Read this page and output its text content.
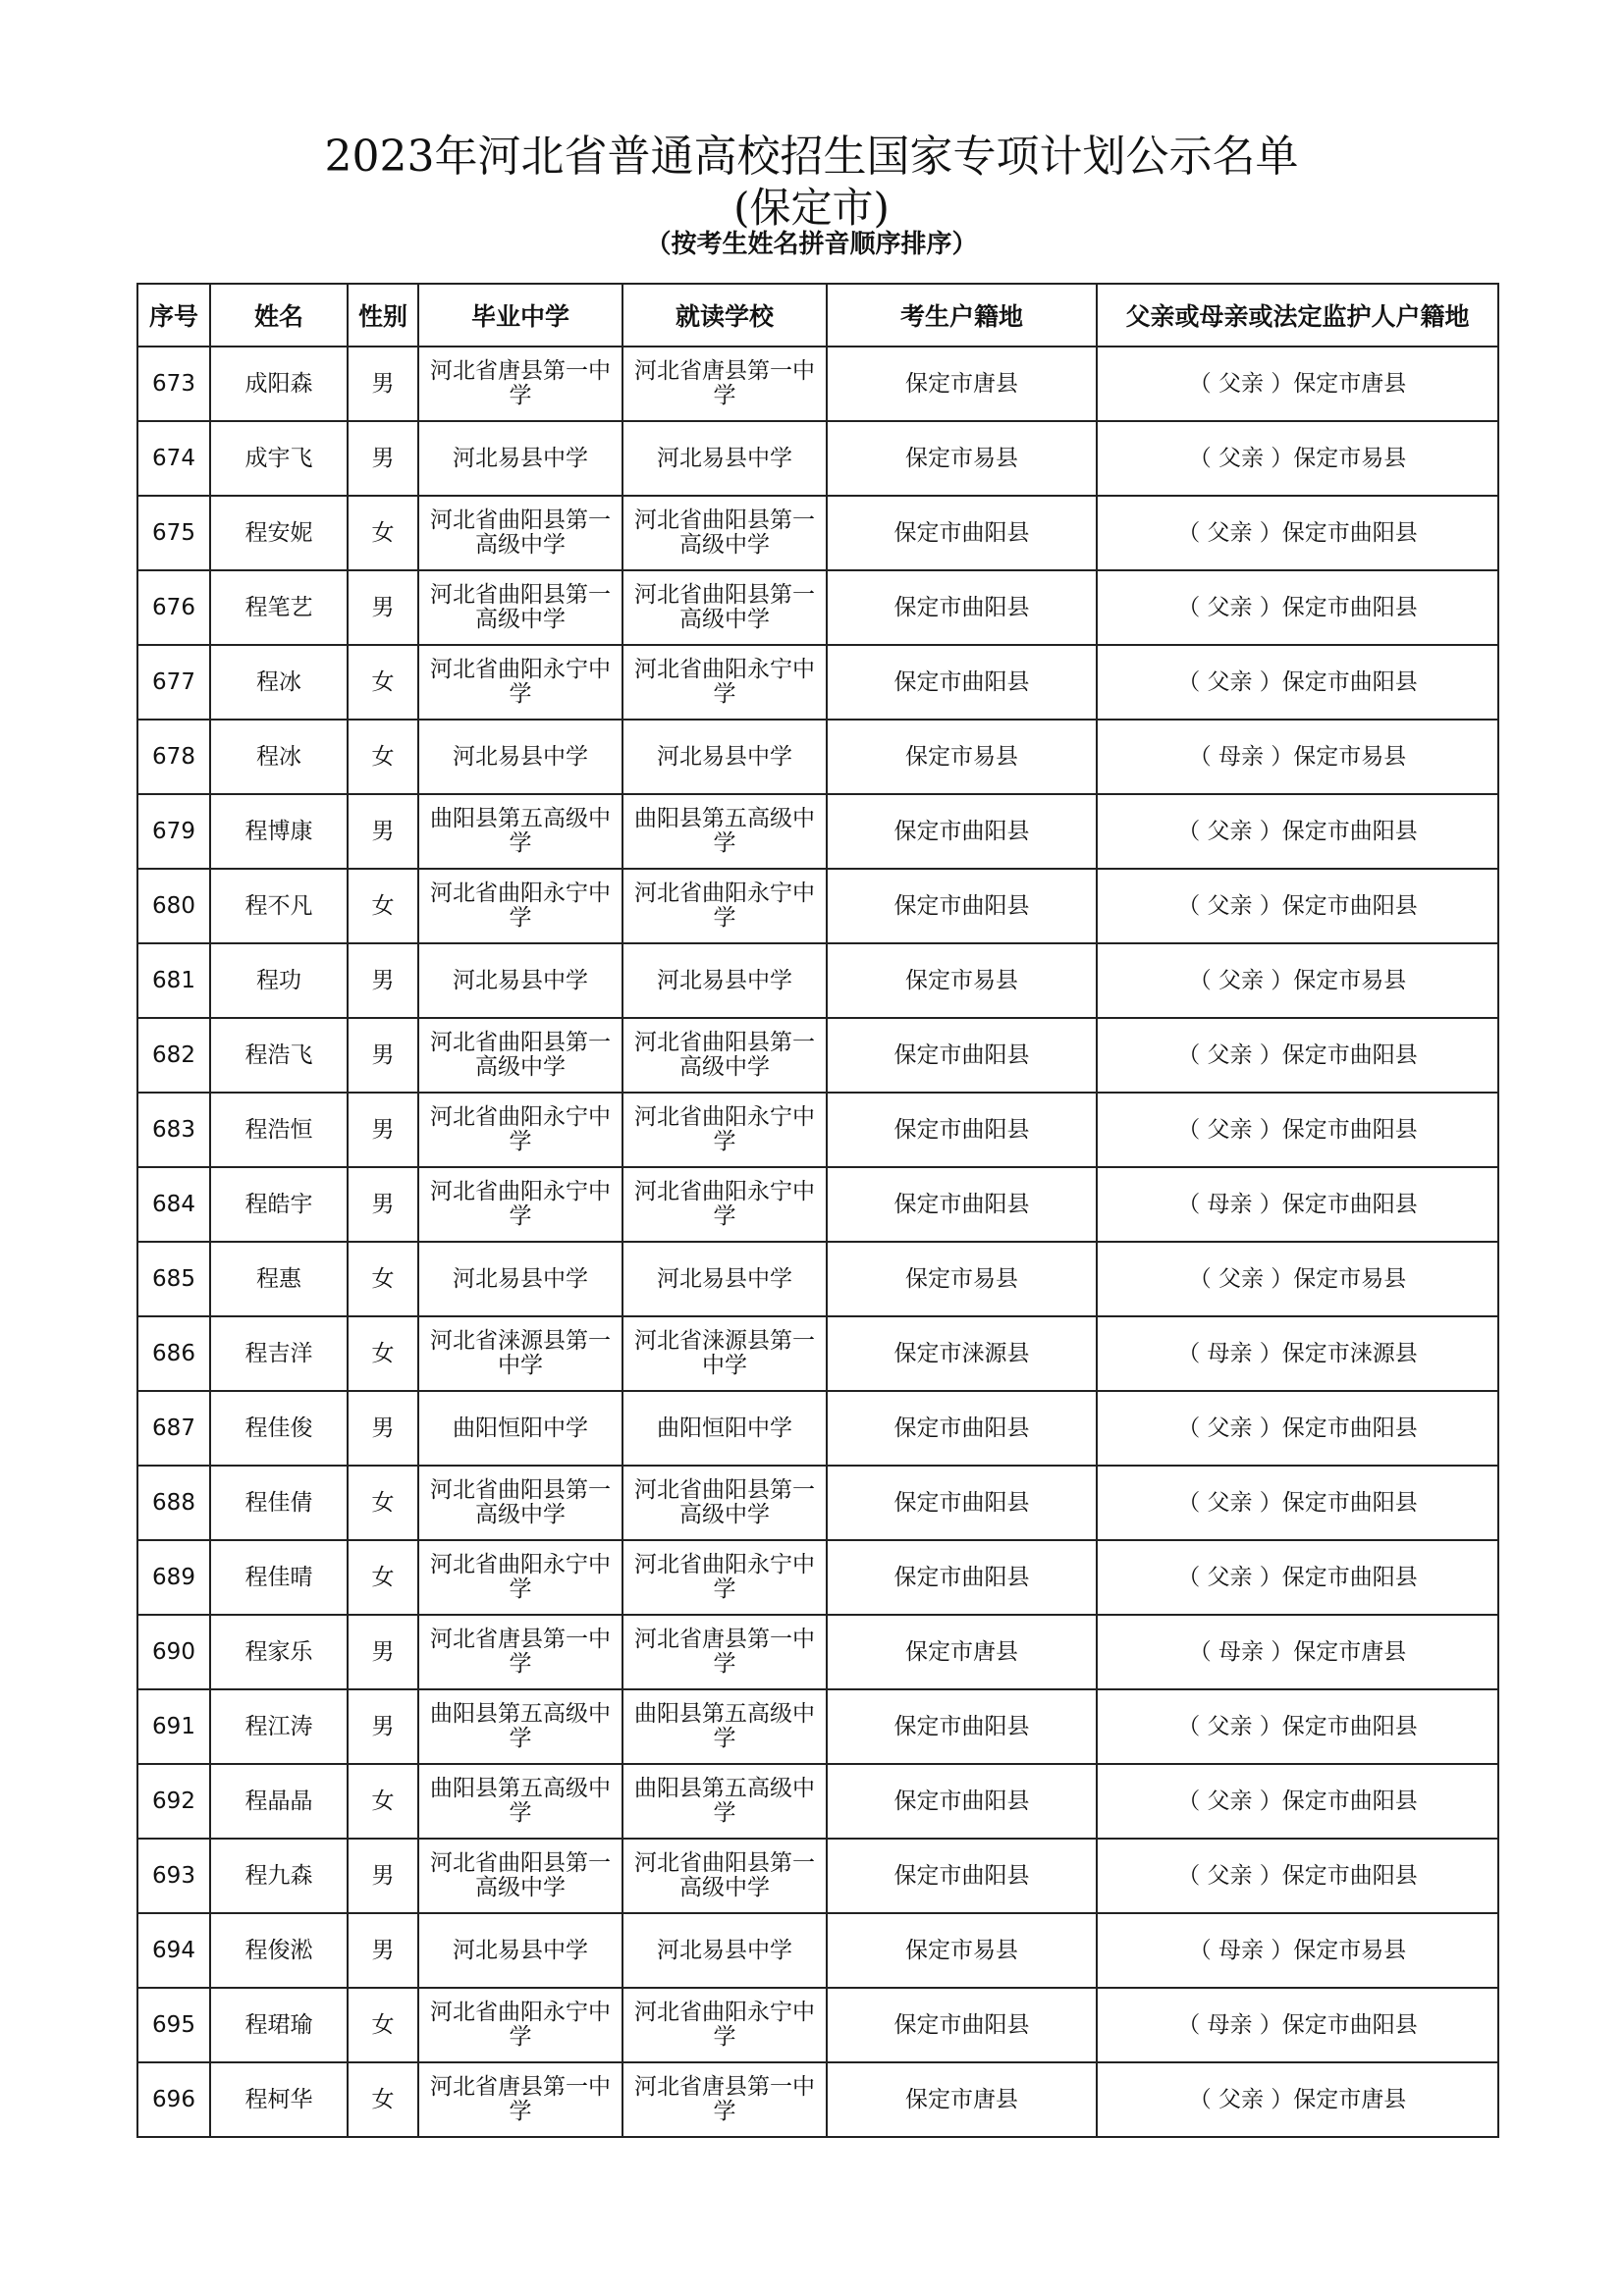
2023年河北省普通高校招生国家专项计划公示名单
(保定市)
（按考生姓名拼音顺序排序）
序号	姓名	性别	毕业中学	就读学校	考生户籍地	父亲或母亲或法定监护人户籍地
673	成阳森	男	河北省唐县第一中学	河北省唐县第一中学	保定市唐县	（ 父亲 ）保定市唐县
674	成宇飞	男	河北易县中学	河北易县中学	保定市易县	（ 父亲 ）保定市易县
675	程安妮	女	河北省曲阳县第一高级中学	河北省曲阳县第一高级中学	保定市曲阳县	（ 父亲 ）保定市曲阳县
676	程笔艺	男	河北省曲阳县第一高级中学	河北省曲阳县第一高级中学	保定市曲阳县	（ 父亲 ）保定市曲阳县
677	程冰	女	河北省曲阳永宁中学	河北省曲阳永宁中学	保定市曲阳县	（ 父亲 ）保定市曲阳县
678	程冰	女	河北易县中学	河北易县中学	保定市易县	（ 母亲 ）保定市易县
679	程博康	男	曲阳县第五高级中学	曲阳县第五高级中学	保定市曲阳县	（ 父亲 ）保定市曲阳县
680	程不凡	女	河北省曲阳永宁中学	河北省曲阳永宁中学	保定市曲阳县	（ 父亲 ）保定市曲阳县
681	程功	男	河北易县中学	河北易县中学	保定市易县	（ 父亲 ）保定市易县
682	程浩飞	男	河北省曲阳县第一高级中学	河北省曲阳县第一高级中学	保定市曲阳县	（ 父亲 ）保定市曲阳县
683	程浩恒	男	河北省曲阳永宁中学	河北省曲阳永宁中学	保定市曲阳县	（ 父亲 ）保定市曲阳县
684	程皓宇	男	河北省曲阳永宁中学	河北省曲阳永宁中学	保定市曲阳县	（ 母亲 ）保定市曲阳县
685	程惠	女	河北易县中学	河北易县中学	保定市易县	（ 父亲 ）保定市易县
686	程吉洋	女	河北省涞源县第一中学	河北省涞源县第一中学	保定市涞源县	（ 母亲 ）保定市涞源县
687	程佳俊	男	曲阳恒阳中学	曲阳恒阳中学	保定市曲阳县	（ 父亲 ）保定市曲阳县
688	程佳倩	女	河北省曲阳县第一高级中学	河北省曲阳县第一高级中学	保定市曲阳县	（ 父亲 ）保定市曲阳县
689	程佳晴	女	河北省曲阳永宁中学	河北省曲阳永宁中学	保定市曲阳县	（ 父亲 ）保定市曲阳县
690	程家乐	男	河北省唐县第一中学	河北省唐县第一中学	保定市唐县	（ 母亲 ）保定市唐县
691	程江涛	男	曲阳县第五高级中学	曲阳县第五高级中学	保定市曲阳县	（ 父亲 ）保定市曲阳县
692	程晶晶	女	曲阳县第五高级中学	曲阳县第五高级中学	保定市曲阳县	（ 父亲 ）保定市曲阳县
693	程九森	男	河北省曲阳县第一高级中学	河北省曲阳县第一高级中学	保定市曲阳县	（ 父亲 ）保定市曲阳县
694	程俊淞	男	河北易县中学	河北易县中学	保定市易县	（ 母亲 ）保定市易县
695	程珺瑜	女	河北省曲阳永宁中学	河北省曲阳永宁中学	保定市曲阳县	（ 母亲 ）保定市曲阳县
696	程柯华	女	河北省唐县第一中学	河北省唐县第一中学	保定市唐县	（ 父亲 ）保定市唐县
